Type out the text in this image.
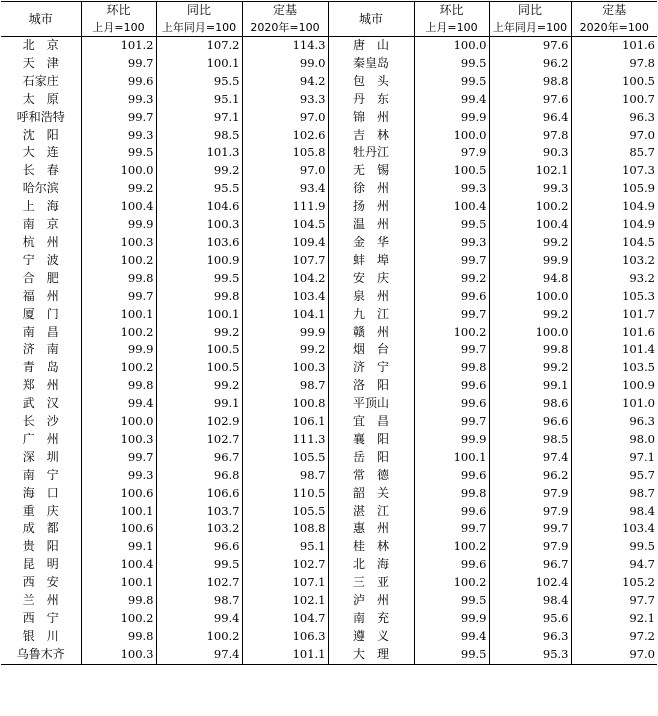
城市	环比	同比	定基	城市	环比	同比	定基
	上月=100	上年同月=100	2020年=100		上月=100	上年同月=100	2020年=100
北　京	101.2	107.2	114.3	唐　山	100.0	97.6	101.6
天　津	99.7	100.1	99.0	秦皇岛	99.5	96.2	97.8
石家庄	99.6	95.5	94.2	包　头	99.5	98.8	100.5
太　原	99.3	95.1	93.3	丹　东	99.4	97.6	100.7
呼和浩特	99.7	97.1	97.0	锦　州	99.9	96.4	96.3
沈　阳	99.3	98.5	102.6	吉　林	100.0	97.8	97.0
大　连	99.5	101.3	105.8	牡丹江	97.9	90.3	85.7
长　春	100.0	99.2	97.0	无　锡	100.5	102.1	107.3
哈尔滨	99.2	95.5	93.4	徐　州	99.3	99.3	105.9
上　海	100.4	104.6	111.9	扬　州	100.4	100.2	104.9
南　京	99.9	100.3	104.5	温　州	99.5	100.4	104.9
杭　州	100.3	103.6	109.4	金　华	99.3	99.2	104.5
宁　波	100.2	100.9	107.7	蚌　埠	99.7	99.9	103.2
合　肥	99.8	99.5	104.2	安　庆	99.2	94.8	93.2
福　州	99.7	99.8	103.4	泉　州	99.6	100.0	105.3
厦　门	100.1	100.1	104.1	九　江	99.7	99.2	101.7
南　昌	100.2	99.2	99.9	赣　州	100.2	100.0	101.6
济　南	99.9	100.5	99.2	烟　台	99.7	99.8	101.4
青　岛	100.2	100.5	100.3	济　宁	99.8	99.2	103.5
郑　州	99.8	99.2	98.7	洛　阳	99.6	99.1	100.9
武　汉	99.4	99.1	100.8	平顶山	99.6	98.6	101.0
长　沙	100.0	102.9	106.1	宜　昌	99.7	96.6	96.3
广　州	100.3	102.7	111.3	襄　阳	99.9	98.5	98.0
深　圳	99.7	96.7	105.5	岳　阳	100.1	97.4	97.1
南　宁	99.3	96.8	98.7	常　德	99.6	96.2	95.7
海　口	100.6	106.6	110.5	韶　关	99.8	97.9	98.7
重　庆	100.1	103.7	105.5	湛　江	99.6	97.9	98.4
成　都	100.6	103.2	108.8	惠　州	99.7	99.7	103.4
贵　阳	99.1	96.6	95.1	桂　林	100.2	97.9	99.5
昆　明	100.4	99.5	102.7	北　海	99.6	96.7	94.7
西　安	100.1	102.7	107.1	三　亚	100.2	102.4	105.2
兰　州	99.8	98.7	102.1	泸　州	99.5	98.4	97.7
西　宁	100.2	99.4	104.7	南　充	99.9	95.6	92.1
银　川	99.8	100.2	106.3	遵　义	99.4	96.3	97.2
乌鲁木齐	100.3	97.4	101.1	大　理	99.5	95.3	97.0
